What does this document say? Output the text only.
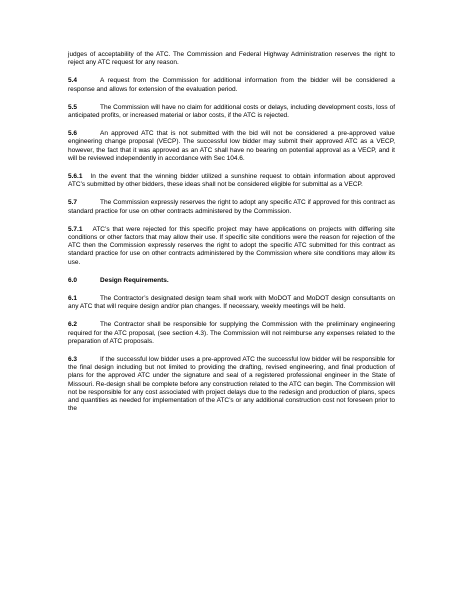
judges of acceptability of the ATC. The Commission and Federal Highway Administration reserves the right to reject any ATC request for any reason.

5.4	A request from the Commission for additional information from the bidder will be considered a response and allows for extension of the evaluation period.

5.5	The Commission will have no claim for additional costs or delays, including development costs, loss of anticipated profits, or increased material or labor costs, if the ATC is rejected.

5.6	An approved ATC that is not submitted with the bid will not be considered a pre-approved value engineering change proposal (VECP). The successful low bidder may submit their approved ATC as a VECP, however, the fact that it was approved as an ATC shall have no bearing on potential approval as a VECP, and it will be reviewed independently in accordance with Sec 104.6.

5.6.1 In the event that the winning bidder utilized a sunshine request to obtain information about approved ATC’s submitted by other bidders, these ideas shall not be considered eligible for submittal as a VECP.

5.7	The Commission expressly reserves the right to adopt any specific ATC if approved for this contract as standard practice for use on other contracts administered by the Commission.

5.7.1 ATC’s that were rejected for this specific project may have applications on projects with differing site conditions or other factors that may allow their use. If specific site conditions were the reason for rejection of the ATC then the Commission expressly reserves the right to adopt the specific ATC submitted for this contract as standard practice for use on other contracts administered by the Commission where site conditions may allow its use.

6.0	Design Requirements.

6.1	The Contractor’s designated design team shall work with MoDOT and MoDOT design consultants on any ATC that will require design and/or plan changes. If necessary, weekly meetings will be held.

6.2	The Contractor shall be responsible for supplying the Commission with the preliminary engineering required for the ATC proposal, (see section 4.3). The Commission will not reimburse any expenses related to the preparation of ATC proposals.

6.3	If the successful low bidder uses a pre-approved ATC the successful low bidder will be responsible for the final design including but not limited to providing the drafting, revised engineering, and final production of plans for the approved ATC under the signature and seal of a registered professional engineer in the State of Missouri. Re-design shall be complete before any construction related to the ATC can begin. The Commission will not be responsible for any cost associated with project delays due to the redesign and production of plans, specs and quantities as needed for implementation of the ATC’s or any additional construction cost not foreseen prior to the
